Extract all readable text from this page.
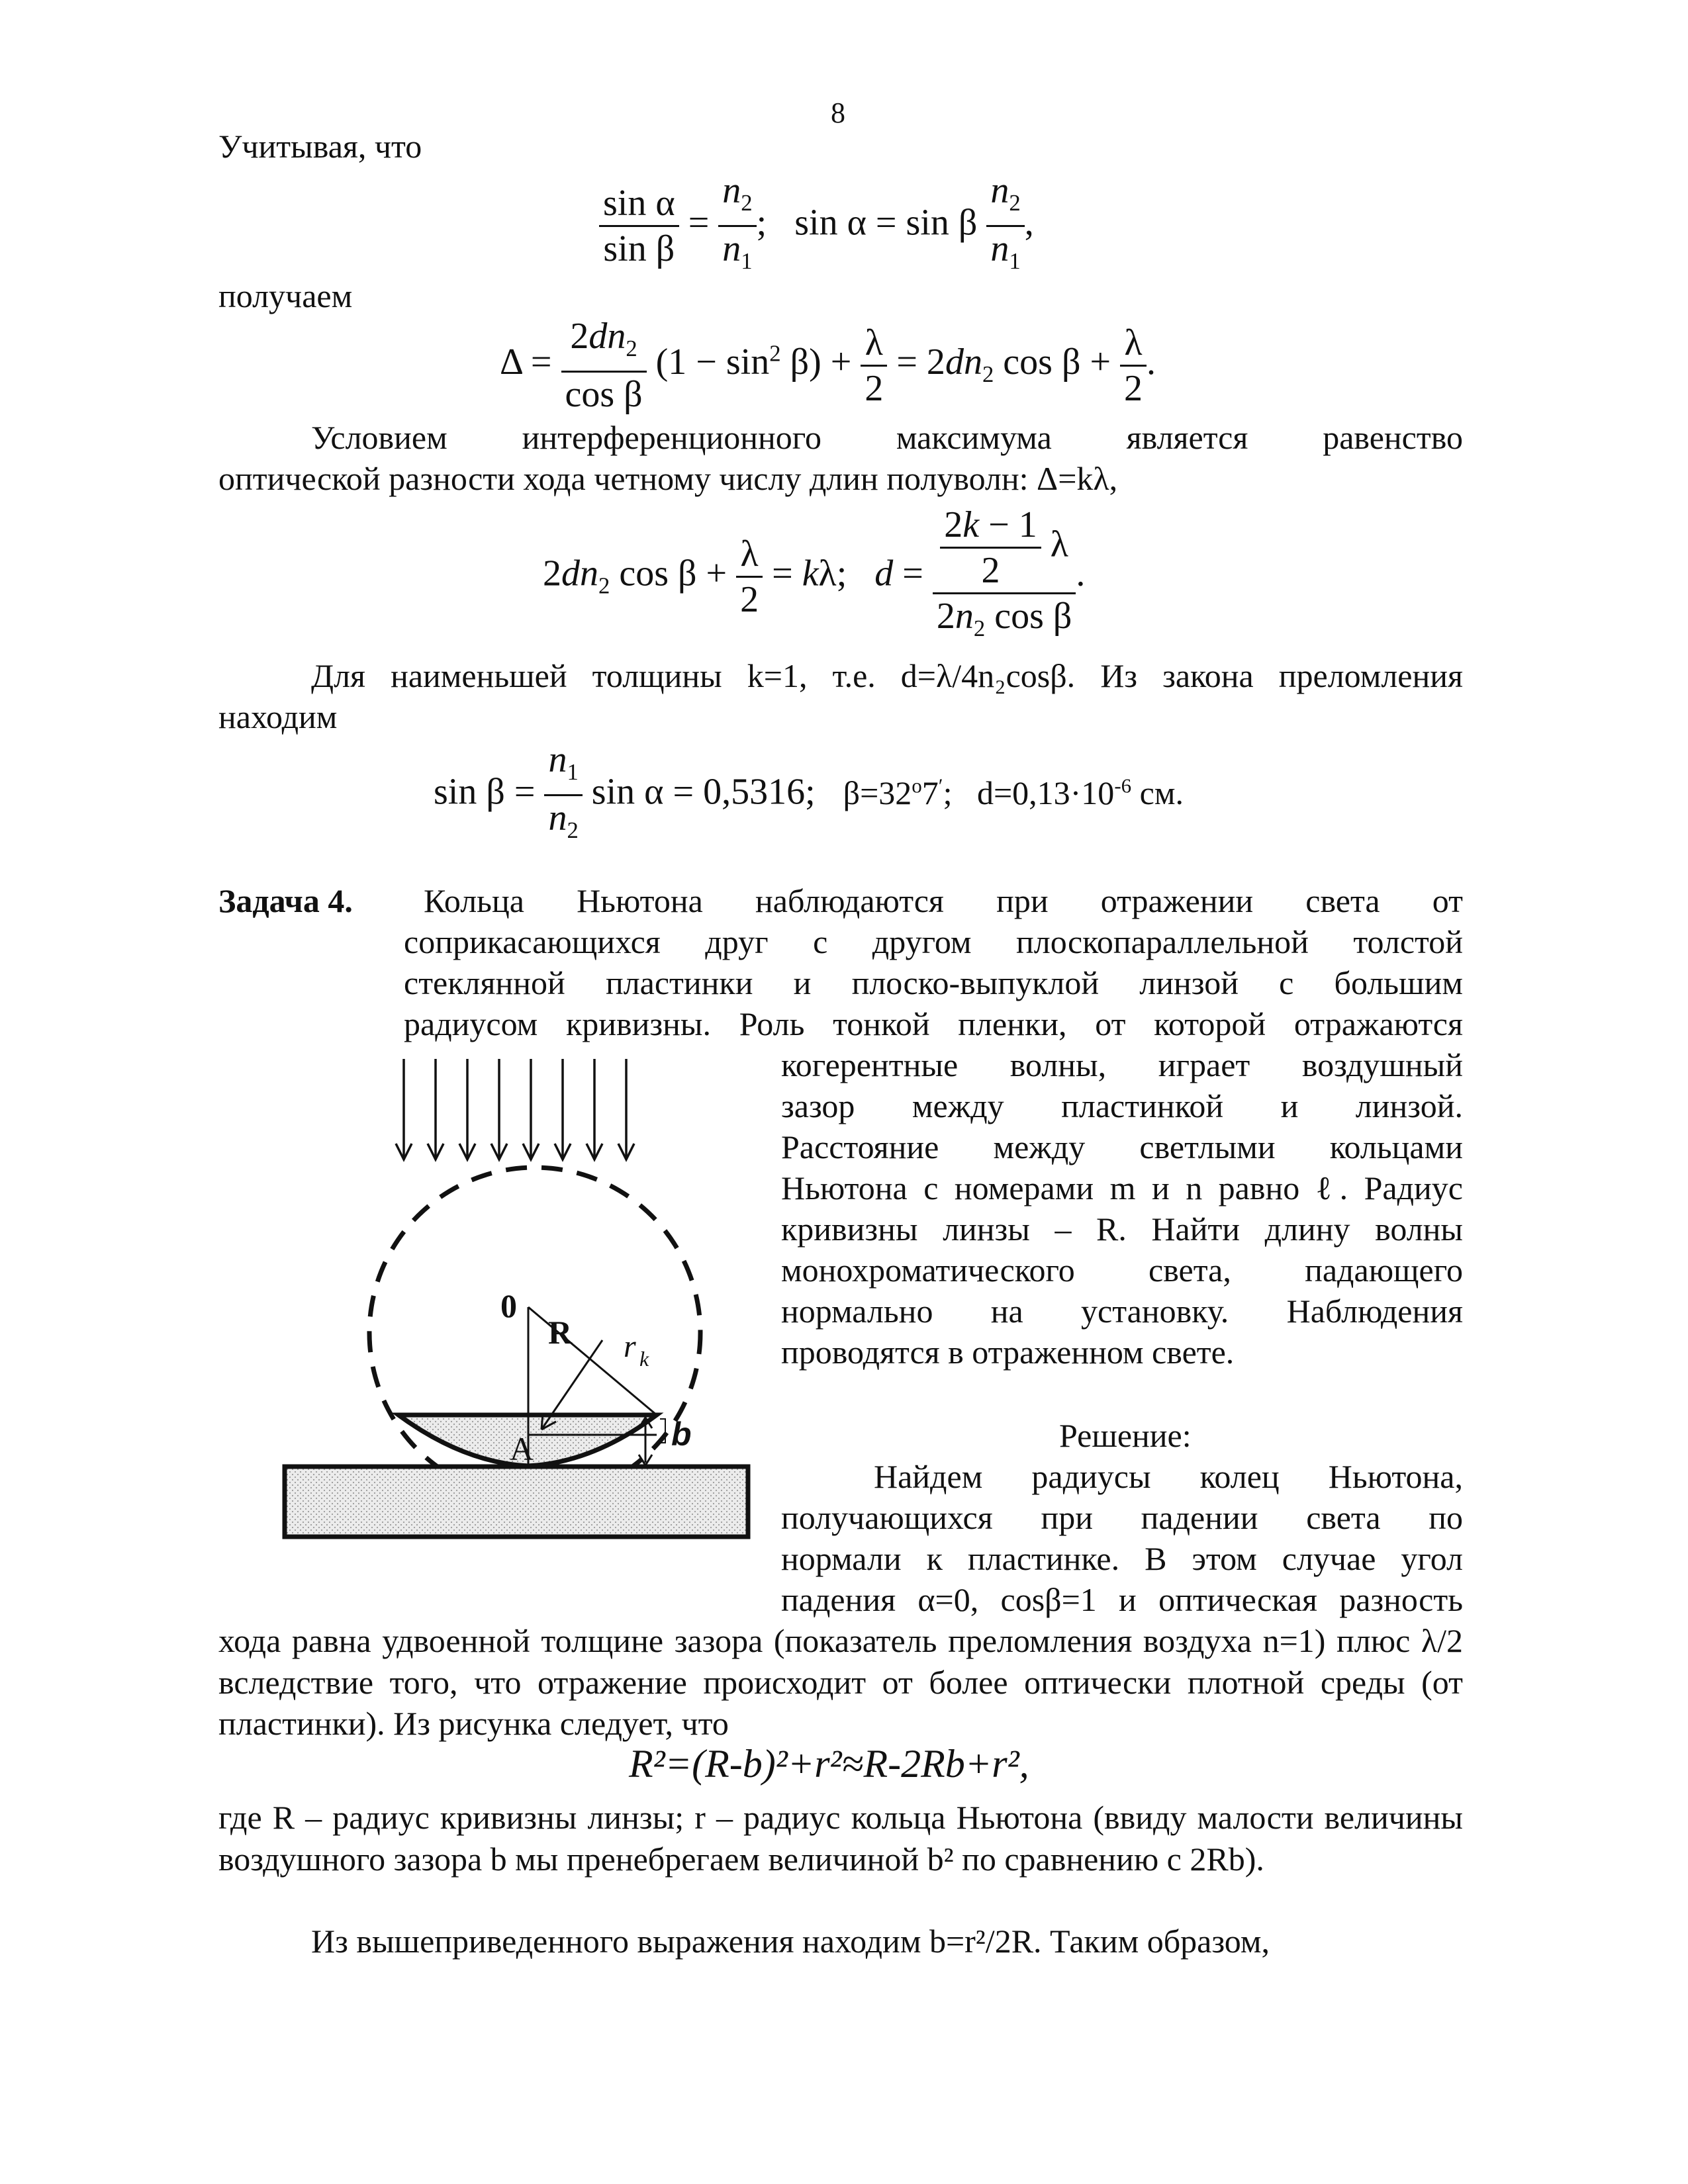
8
Учитывая, что
$\frac{\text{sin α}}{\text{sin β}} = \frac{n_2}{n_1}$ ;   sin α = sin β $\frac{n_2}{n_1}$ ,
получаем
$\Delta = \frac{2dn_2}{\text{cos β}} (1 - \sin^2 \beta) + \frac{\lambda}{2} = 2dn_2$ $\cos \beta + \frac{\lambda}{2}$ .
Условием интерференционного максимума является равенство
оптической разности хода четному числу длин полуволн: Δ=kλ,
$2dn_2$ $\cos \beta + \frac{\lambda}{2} = k\lambda$;   $d = \frac{\frac{2k - 1}{2} \lambda}{2n_2 \cos \beta}$ .
Для наименьшей толщины k=1, т.е. d=λ/4n₂cosβ. Из закона преломления
находим
$\sin \beta = \frac{n_1}{n_2}$ sin α = 0,5316;   $\beta=32^o7'$;   $d=0,13\cdot 10^{-6}$ см.
Задача 4. Кольца Ньютона наблюдаются при отражении света от
соприкасающихся друг с другом плоскопараллельной толстой
стеклянной пластинки и плоско-выпуклой линзой с большим
радиусом кривизны. Роль тонкой пленки, от которой отражаются
когерентные волны, играет воздушный
зазор между пластинкой и линзой.
Расстояние между светлыми кольцами
Ньютона с номерами m и n равно ℓ. Радиус
кривизны линзы – R. Найти длину волны
монохроматического света, падающего
нормально на установку. Наблюдения
проводятся в отраженном свете.
0
R r k
A	b	Решение:
Найдем радиусы колец Ньютона,
получающихся при падении света по
нормали к пластинке. В этом случае угол
падения α=0, cosβ=1 и оптическая разность
хода равна удвоенной толщине зазора (показатель преломления воздуха n=1) плюс λ/2 вследствие того, что отражение происходит от более оптически плотной среды (от пластинки). Из рисунка следует, что
R²=(R-b)²+r²≈R-2Rb+r²,
где R – радиус кривизны линзы; r – радиус кольца Ньютона (ввиду малости величины воздушного зазора b мы пренебрегаем величиной b² по сравнению с 2Rb).
Из вышеприведенного выражения находим b=r²/2R. Таким образом,
